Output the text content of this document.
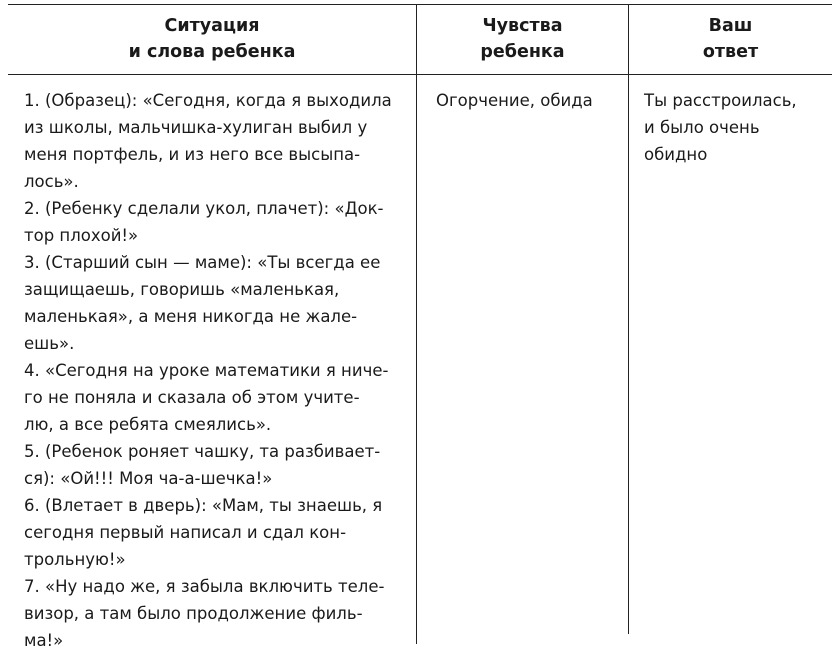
Ситуация
и слова ребенка
Чувства
ребенка
Ваш
ответ
1. (Образец): «Сегодня, когда я выходила
из школы, мальчишка-хулиган выбил у
меня портфель, и из него все высыпа-
лось».
2. (Ребенку сделали укол, плачет): «Док-
тор плохой!»
3. (Старший сын — маме): «Ты всегда ее
защищаешь, говоришь «маленькая,
маленькая», а меня никогда не жале-
ешь».
4. «Сегодня на уроке математики я ниче-
го не поняла и сказала об этом учите-
лю, а все ребята смеялись».
5. (Ребенок роняет чашку, та разбивает-
ся): «Ой!!! Моя ча-а-шечка!»
6. (Влетает в дверь): «Мам, ты знаешь, я
сегодня первый написал и сдал кон-
трольную!»
7. «Ну надо же, я забыла включить теле-
визор, а там было продолжение филь-
ма!»
Огорчение, обида	Ты расстроилась,
и было очень
обидно
